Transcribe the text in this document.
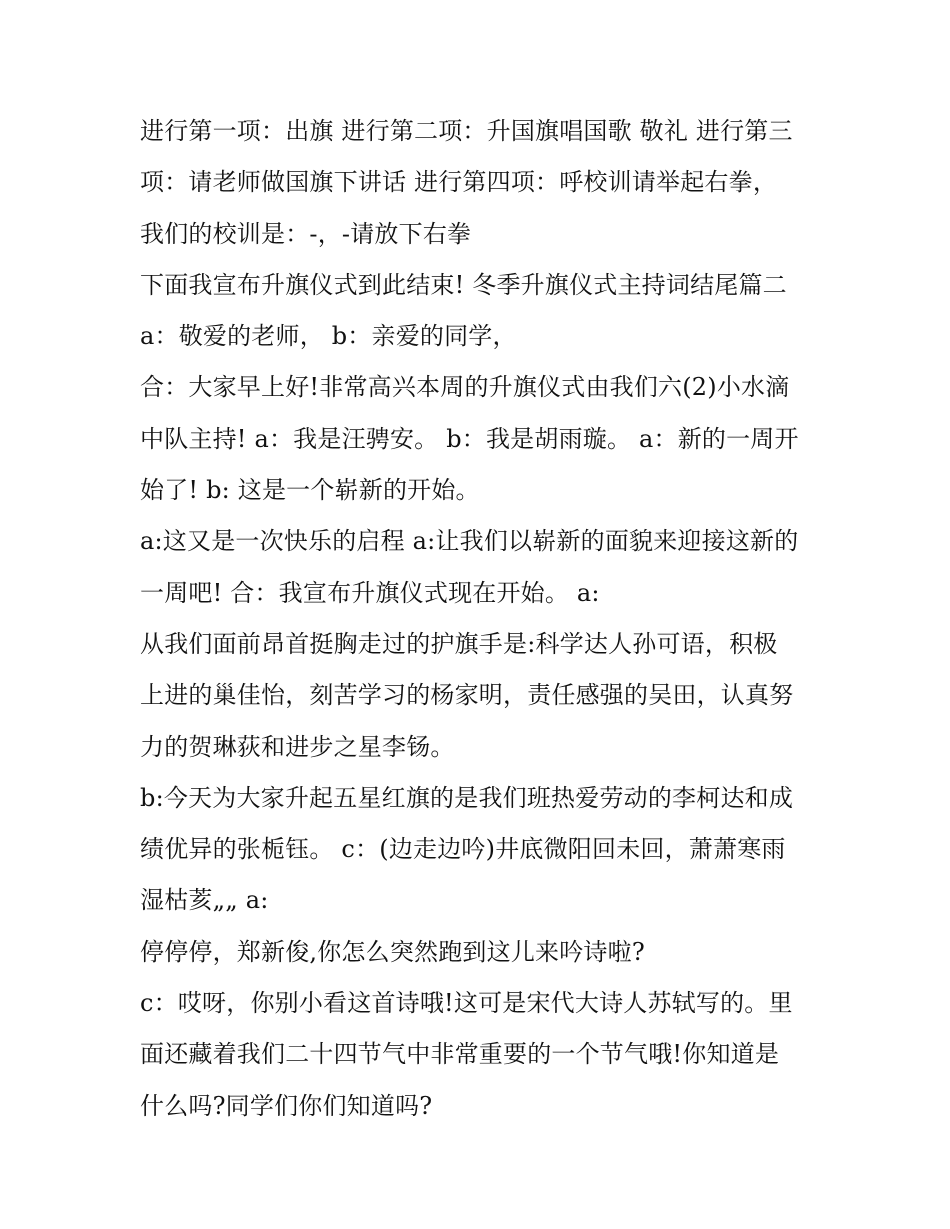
进行第一项：出旗 进行第二项：升国旗唱国歌 敬礼 进行第三
项：请老师做国旗下讲话 进行第四项：呼校训请举起右拳，
我们的校训是：-，-请放下右拳
下面我宣布升旗仪式到此结束! 冬季升旗仪式主持词结尾篇二
a：敬爱的老师， b：亲爱的同学，
合：大家早上好!非常高兴本周的升旗仪式由我们六(2)小水滴
中队主持! a：我是汪骋安。 b：我是胡雨璇。 a：新的一周开
始了! b: 这是一个崭新的开始。
a:这又是一次快乐的启程 a:让我们以崭新的面貌来迎接这新的
一周吧! 合：我宣布升旗仪式现在开始。 a:
从我们面前昂首挺胸走过的护旗手是:科学达人孙可语，积极
上进的巢佳怡，刻苦学习的杨家明，责任感强的吴田，认真努
力的贺琳荻和进步之星李钖。
b:今天为大家升起五星红旗的是我们班热爱劳动的李柯达和成
绩优异的张栀钰。 c：(边走边吟)井底微阳回未回，萧萧寒雨
湿枯荄„„ a:
停停停，郑新俊,你怎么突然跑到这儿来吟诗啦?
c：哎呀，你别小看这首诗哦!这可是宋代大诗人苏轼写的。里
面还藏着我们二十四节气中非常重要的一个节气哦!你知道是
什么吗?同学们你们知道吗?
